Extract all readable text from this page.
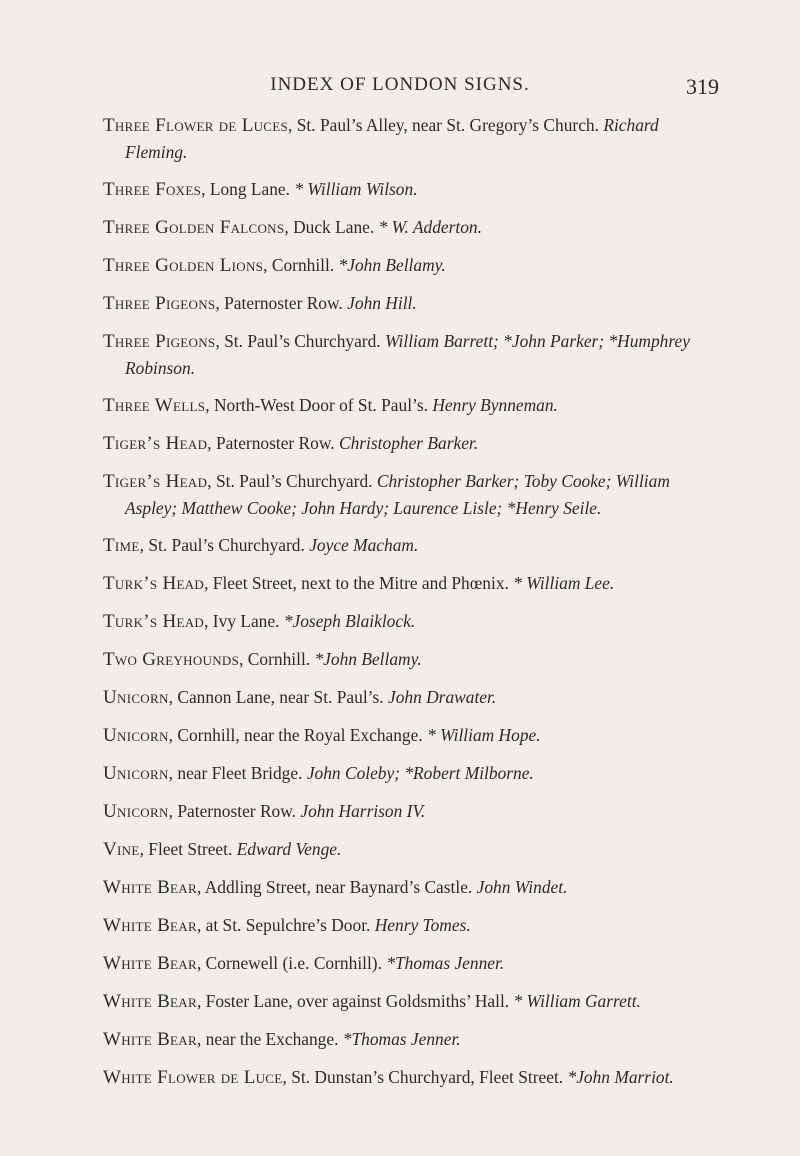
INDEX OF LONDON SIGNS.	319
Three Flower de Luces, St. Paul’s Alley, near St. Gregory’s Church. Richard Fleming.
Three Foxes, Long Lane. * William Wilson.
Three Golden Falcons, Duck Lane. * W. Adderton.
Three Golden Lions, Cornhill. *John Bellamy.
Three Pigeons, Paternoster Row. John Hill.
Three Pigeons, St. Paul’s Churchyard. William Barrett; *John Parker; *Humphrey Robinson.
Three Wells, North-West Door of St. Paul’s. Henry Bynneman.
Tiger’s Head, Paternoster Row. Christopher Barker.
Tiger’s Head, St. Paul’s Churchyard. Christopher Barker; Toby Cooke; William Aspley; Matthew Cooke; John Hardy; Laurence Lisle; *Henry Seile.
Time, St. Paul’s Churchyard. Joyce Macham.
Turk’s Head, Fleet Street, next to the Mitre and Phœnix. * William Lee.
Turk’s Head, Ivy Lane. *Joseph Blaiklock.
Two Greyhounds, Cornhill. *John Bellamy.
Unicorn, Cannon Lane, near St. Paul’s. John Drawater.
Unicorn, Cornhill, near the Royal Exchange. * William Hope.
Unicorn, near Fleet Bridge. John Coleby; *Robert Milborne.
Unicorn, Paternoster Row. John Harrison IV.
Vine, Fleet Street. Edward Venge.
White Bear, Addling Street, near Baynard’s Castle. John Windet.
White Bear, at St. Sepulchre’s Door. Henry Tomes.
White Bear, Cornewell (i.e. Cornhill). *Thomas Jenner.
White Bear, Foster Lane, over against Goldsmiths’ Hall. * William Garrett.
White Bear, near the Exchange. *Thomas Jenner.
White Flower de Luce, St. Dunstan’s Churchyard, Fleet Street. *John Marriot.
